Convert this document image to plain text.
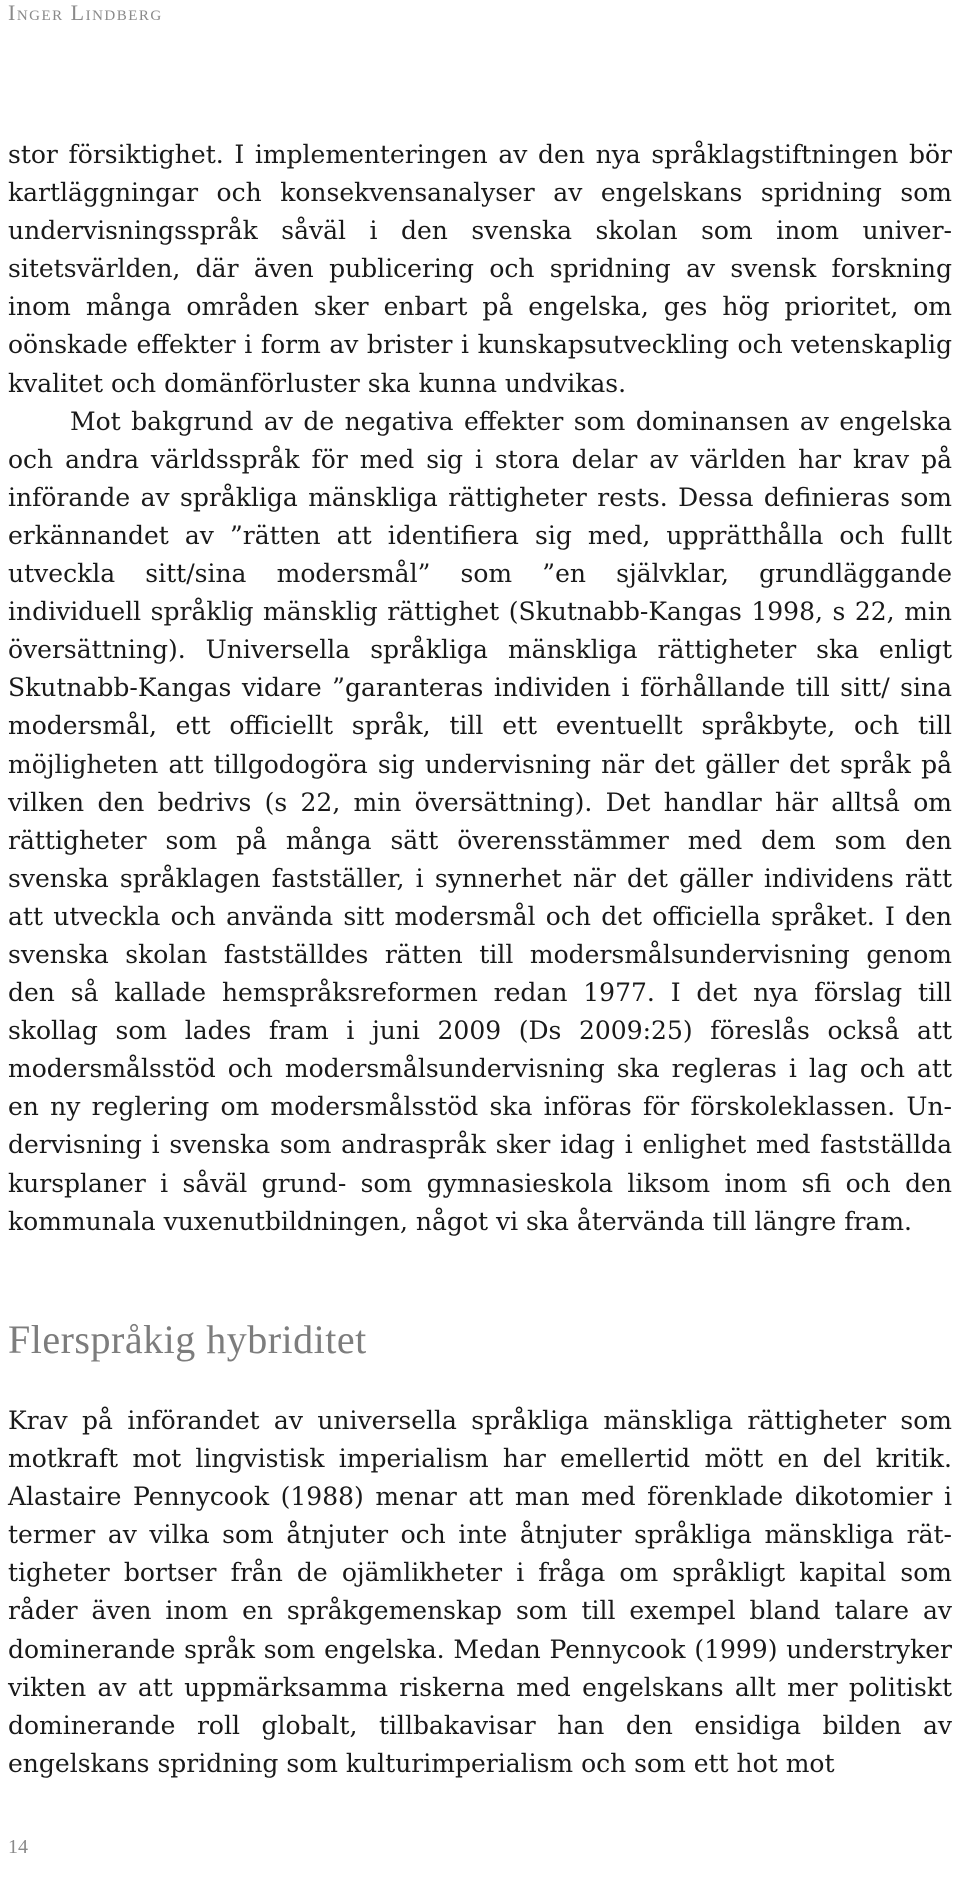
Inger Lindberg

stor försiktighet. I implementeringen av den nya språklagstiftningen bör kartläggningar och konsekvensanalyser av engelskans spridning som undervisningsspråk såväl i den svenska skolan som inom universitetsvärlden, där även publicering och spridning av svensk forskning inom många områden sker enbart på engelska, ges hög prioritet, om oönskade effekter i form av brister i kunskapsutveckling och vetenskaplig kvalitet och domänförluster ska kunna undvikas.

Mot bakgrund av de negativa effekter som dominansen av engelska och andra världsspråk för med sig i stora delar av världen har krav på införande av språkliga mänskliga rättigheter rests. Dessa definieras som erkännandet av ”rätten att identifiera sig med, upprätthålla och fullt utveckla sitt/sina modersmål” som ”en självklar, grundläggande individuell språklig mänsklig rättighet (Skutnabb-Kangas 1998, s 22, min översättning). Universella språkliga mänskliga rättigheter ska enligt Skutnabb-Kangas vidare ”garanteras individen i förhållande till sitt/ sina modersmål, ett officiellt språk, till ett eventuellt språkbyte, och till möjligheten att tillgodogöra sig undervisning när det gäller det språk på vilken den bedrivs (s 22, min översättning). Det handlar här alltså om rättigheter som på många sätt överensstämmer med dem som den svenska språklagen fastställer, i synnerhet när det gäller individens rätt att utveckla och använda sitt modersmål och det officiella språket. I den svenska skolan fastställdes rätten till modersmålsundervisning genom den så kallade hemspråksreformen redan 1977. I det nya förslag till skollag som lades fram i juni 2009 (Ds 2009:25) föreslås också att modersmålsstöd och modersmålsundervisning ska regleras i lag och att en ny reglering om modersmålsstöd ska införas för förskoleklassen. Undervisning i svenska som andraspråk sker idag i enlighet med fastställda kursplaner i såväl grund- som gymnasieskola liksom inom sfi och den kommunala vuxenutbildningen, något vi ska återvända till längre fram.

Flerspråkig hybriditet

Krav på införandet av universella språkliga mänskliga rättigheter som motkraft mot lingvistisk imperialism har emellertid mött en del kritik. Alastaire Pennycook (1988) menar att man med förenklade dikotomier i termer av vilka som åtnjuter och inte åtnjuter språkliga mänskliga rättigheter bortser från de ojämlikheter i fråga om språkligt kapital som råder även inom en språkgemenskap som till exempel bland talare av dominerande språk som engelska. Medan Pennycook (1999) understryker vikten av att uppmärksamma riskerna med engelskans allt mer politiskt dominerande roll globalt, tillbakavisar han den ensidiga bilden av engelskans spridning som kulturimperialism och som ett hot mot

14
